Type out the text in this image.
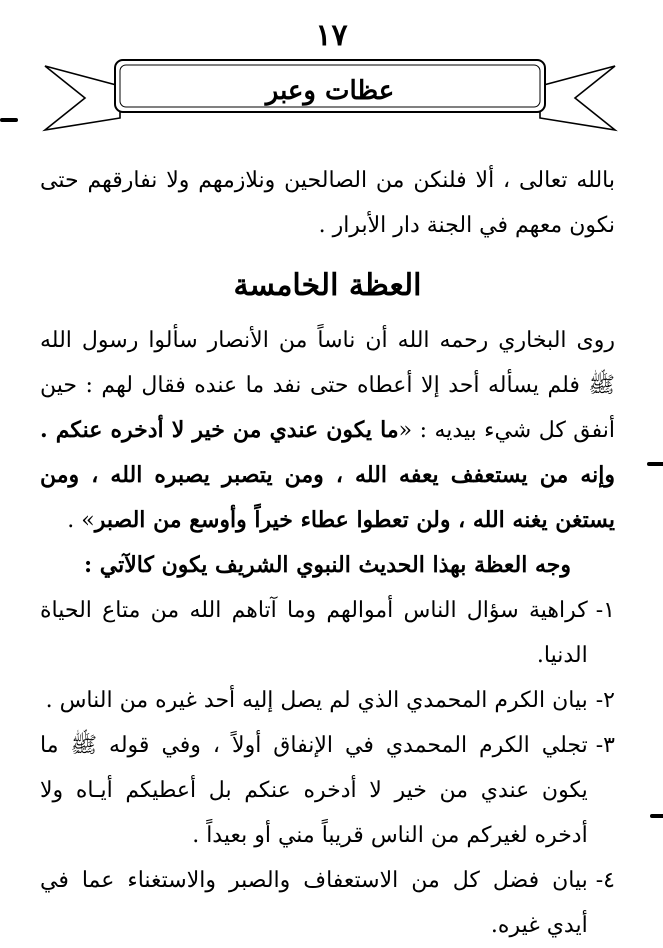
١٧
عظات وعبر

بالله تعالى ، ألا فلنكن من الصالحين ونلازمهم ولا نفارقهم حتى نكون معهم في الجنة دار الأبرار .

العظة الخامسة

روى البخاري رحمه الله أن ناساً من الأنصار سألوا رسول الله ﷺ فلم يسأله أحد إلا أعطاه حتى نفد ما عنده فقال لهم : حين أنفق كل شيء بيديه : «ما يكون عندي من خير لا أدخره عنكم . وإنه من يستعفف يعفه الله ، ومن يتصبر يصبره الله ، ومن يستغن يغنه الله ، ولن تعطوا عطاء خيراً وأوسع من الصبر» .

وجه العظة بهذا الحديث النبوي الشريف يكون كالآتي :

١-
كراهية سؤال الناس أموالهم وما آتاهم الله من متاع الحياة الدنيا.
٢-
بيان الكرم المحمدي الذي لم يصل إليه أحد غيره من الناس .
٣-
تجلي الكرم المحمدي في الإنفاق أولاً ، وفي قوله ﷺ ما يكون عندي من خير لا أدخره عنكم بل أعطيكم أيـاه ولا أدخره لغيركم من الناس قريباً مني أو بعيداً .
٤-
بيان فضل كل من الاستعفاف والصبر والاستغناء عما في أيدي غيره.
